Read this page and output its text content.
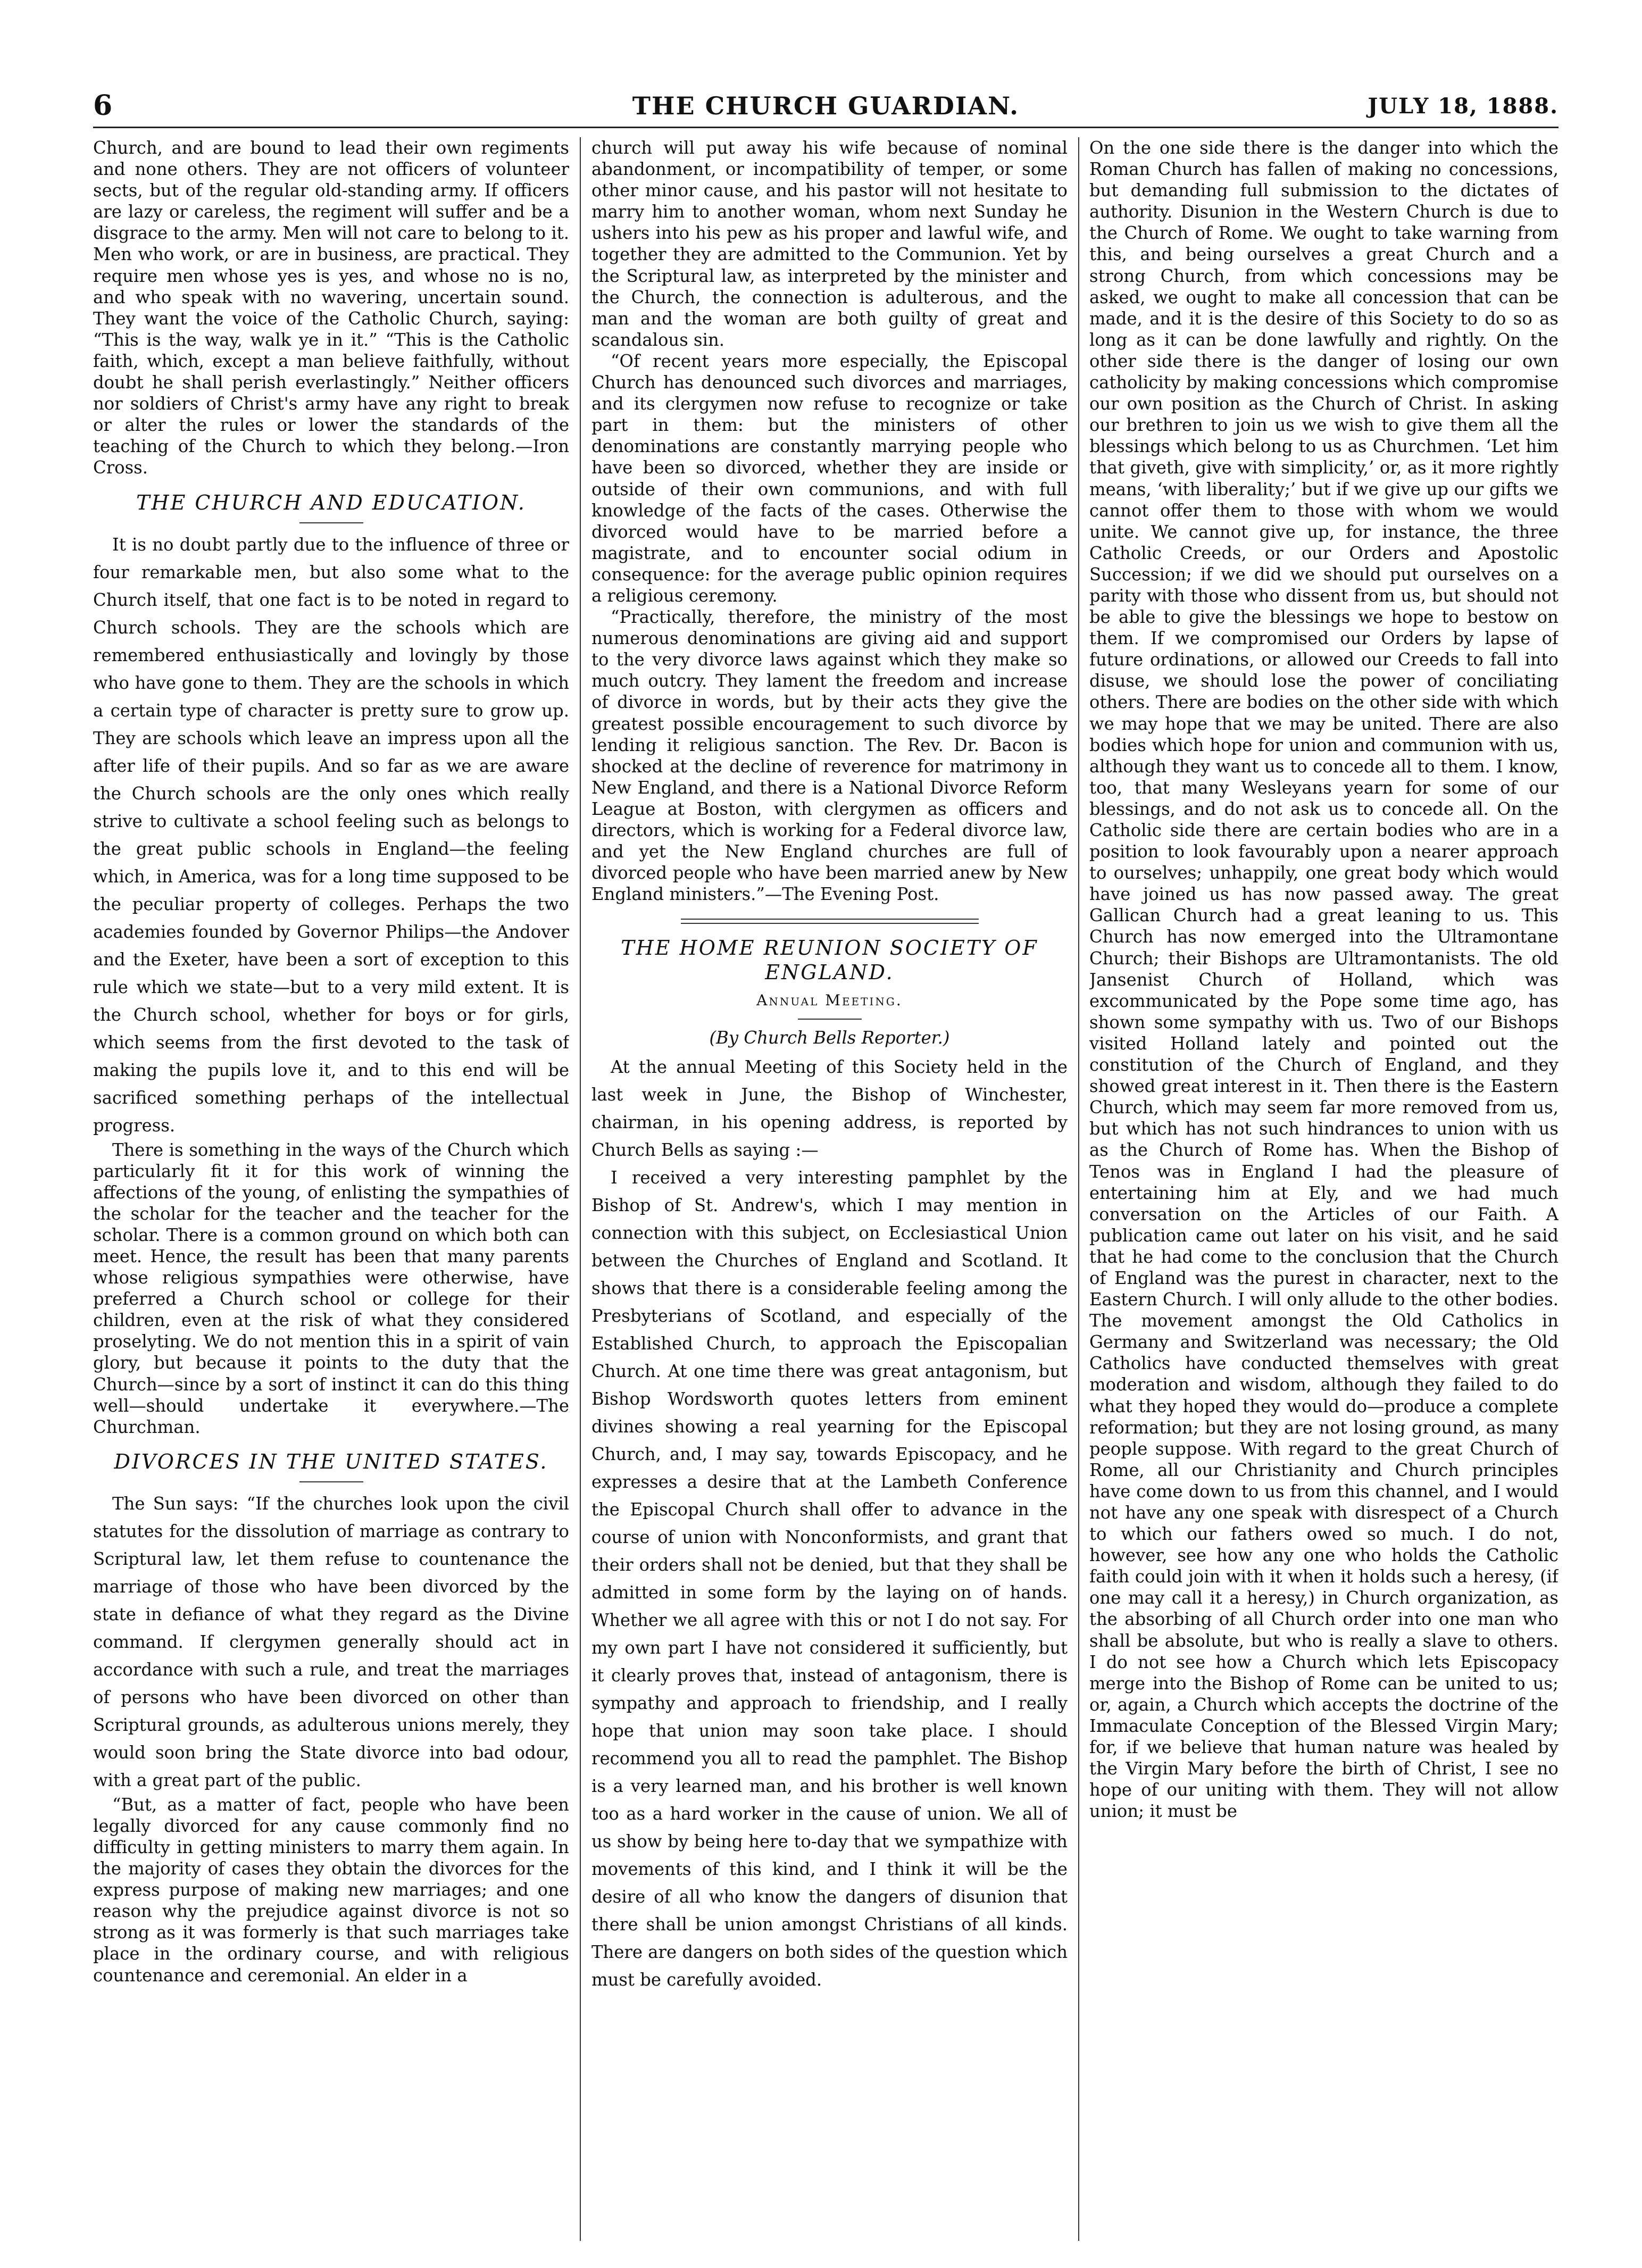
6	THE CHURCH GUARDIAN.	JULY 18, 1888.

Church, and are bound to lead their own regiments and none others. They are not officers of volunteer sects, but of the regular old-standing army. If officers are lazy or careless, the regiment will suffer and be a disgrace to the army. Men will not care to belong to it. Men who work, or are in business, are practical. They require men whose yes is yes, and whose no is no, and who speak with no wavering, uncertain sound. They want the voice of the Catholic Church, saying: “This is the way, walk ye in it.” “This is the Catholic faith, which, except a man believe faithfully, without doubt he shall perish everlastingly.” Neither officers nor soldiers of Christ's army have any right to break or alter the rules or lower the standards of the teaching of the Church to which they belong.—Iron Cross.

THE CHURCH AND EDUCATION.

It is no doubt partly due to the influence of three or four remarkable men, but also some what to the Church itself, that one fact is to be noted in regard to Church schools. They are the schools which are remembered enthusiastically and lovingly by those who have gone to them. They are the schools in which a certain type of character is pretty sure to grow up. They are schools which leave an impress upon all the after life of their pupils. And so far as we are aware the Church schools are the only ones which really strive to cultivate a school feeling such as belongs to the great public schools in England—the feeling which, in America, was for a long time supposed to be the peculiar property of colleges. Perhaps the two academies founded by Governor Philips—the Andover and the Exeter, have been a sort of exception to this rule which we state—but to a very mild extent. It is the Church school, whether for boys or for girls, which seems from the first devoted to the task of making the pupils love it, and to this end will be sacrificed something perhaps of the intellectual progress.

There is something in the ways of the Church which particularly fit it for this work of winning the affections of the young, of enlisting the sympathies of the scholar for the teacher and the teacher for the scholar. There is a common ground on which both can meet. Hence, the result has been that many parents whose religious sympathies were otherwise, have preferred a Church school or college for their children, even at the risk of what they considered proselyting. We do not mention this in a spirit of vain glory, but because it points to the duty that the Church—since by a sort of instinct it can do this thing well—should undertake it everywhere.—The Churchman.

DIVORCES IN THE UNITED STATES.

The Sun says: “If the churches look upon the civil statutes for the dissolution of marriage as contrary to Scriptural law, let them refuse to countenance the marriage of those who have been divorced by the state in defiance of what they regard as the Divine command. If clergymen generally should act in accordance with such a rule, and treat the marriages of persons who have been divorced on other than Scriptural grounds, as adulterous unions merely, they would soon bring the State divorce into bad odour, with a great part of the public.

“But, as a matter of fact, people who have been legally divorced for any cause commonly find no difficulty in getting ministers to marry them again. In the majority of cases they obtain the divorces for the express purpose of making new marriages; and one reason why the prejudice against divorce is not so strong as it was formerly is that such marriages take place in the ordinary course, and with religious countenance and ceremonial. An elder in a

church will put away his wife because of nominal abandonment, or incompatibility of temper, or some other minor cause, and his pastor will not hesitate to marry him to another woman, whom next Sunday he ushers into his pew as his proper and lawful wife, and together they are admitted to the Communion. Yet by the Scriptural law, as interpreted by the minister and the Church, the connection is adulterous, and the man and the woman are both guilty of great and scandalous sin.

“Of recent years more especially, the Episcopal Church has denounced such divorces and marriages, and its clergymen now refuse to recognize or take part in them: but the ministers of other denominations are constantly marrying people who have been so divorced, whether they are inside or outside of their own communions, and with full knowledge of the facts of the cases. Otherwise the divorced would have to be married before a magistrate, and to encounter social odium in consequence: for the average public opinion requires a religious ceremony.

“Practically, therefore, the ministry of the most numerous denominations are giving aid and support to the very divorce laws against which they make so much outcry. They lament the freedom and increase of divorce in words, but by their acts they give the greatest possible encouragement to such divorce by lending it religious sanction. The Rev. Dr. Bacon is shocked at the decline of reverence for matrimony in New England, and there is a National Divorce Reform League at Boston, with clergymen as officers and directors, which is working for a Federal divorce law, and yet the New England churches are full of divorced people who have been married anew by New England ministers.”—The Evening Post.

THE HOME REUNION SOCIETY OF ENGLAND.
Annual Meeting.
(By Church Bells Reporter.)

At the annual Meeting of this Society held in the last week in June, the Bishop of Winchester, chairman, in his opening address, is reported by Church Bells as saying :—

I received a very interesting pamphlet by the Bishop of St. Andrew's, which I may mention in connection with this subject, on Ecclesiastical Union between the Churches of England and Scotland. It shows that there is a considerable feeling among the Presbyterians of Scotland, and especially of the Established Church, to approach the Episcopalian Church. At one time there was great antagonism, but Bishop Wordsworth quotes letters from eminent divines showing a real yearning for the Episcopal Church, and, I may say, towards Episcopacy, and he expresses a desire that at the Lambeth Conference the Episcopal Church shall offer to advance in the course of union with Nonconformists, and grant that their orders shall not be denied, but that they shall be admitted in some form by the laying on of hands. Whether we all agree with this or not I do not say. For my own part I have not considered it sufficiently, but it clearly proves that, instead of antagonism, there is sympathy and approach to friendship, and I really hope that union may soon take place. I should recommend you all to read the pamphlet. The Bishop is a very learned man, and his brother is well known too as a hard worker in the cause of union. We all of us show by being here to-day that we sympathize with movements of this kind, and I think it will be the desire of all who know the dangers of disunion that there shall be union amongst Christians of all kinds. There are dangers on both sides of the question which must be carefully avoided.

On the one side there is the danger into which the Roman Church has fallen of making no concessions, but demanding full submission to the dictates of authority. Disunion in the Western Church is due to the Church of Rome. We ought to take warning from this, and being ourselves a great Church and a strong Church, from which concessions may be asked, we ought to make all concession that can be made, and it is the desire of this Society to do so as long as it can be done lawfully and rightly. On the other side there is the danger of losing our own catholicity by making concessions which compromise our own position as the Church of Christ. In asking our brethren to join us we wish to give them all the blessings which belong to us as Churchmen. ‘Let him that giveth, give with simplicity,’ or, as it more rightly means, ‘with liberality;’ but if we give up our gifts we cannot offer them to those with whom we would unite. We cannot give up, for instance, the three Catholic Creeds, or our Orders and Apostolic Succession; if we did we should put ourselves on a parity with those who dissent from us, but should not be able to give the blessings we hope to bestow on them. If we compromised our Orders by lapse of future ordinations, or allowed our Creeds to fall into disuse, we should lose the power of conciliating others. There are bodies on the other side with which we may hope that we may be united. There are also bodies which hope for union and communion with us, although they want us to concede all to them. I know, too, that many Wesleyans yearn for some of our blessings, and do not ask us to concede all. On the Catholic side there are certain bodies who are in a position to look favourably upon a nearer approach to ourselves; unhappily, one great body which would have joined us has now passed away. The great Gallican Church had a great leaning to us. This Church has now emerged into the Ultramontane Church; their Bishops are Ultramontanists. The old Jansenist Church of Holland, which was excommunicated by the Pope some time ago, has shown some sympathy with us. Two of our Bishops visited Holland lately and pointed out the constitution of the Church of England, and they showed great interest in it. Then there is the Eastern Church, which may seem far more removed from us, but which has not such hindrances to union with us as the Church of Rome has. When the Bishop of Tenos was in England I had the pleasure of entertaining him at Ely, and we had much conversation on the Articles of our Faith. A publication came out later on his visit, and he said that he had come to the conclusion that the Church of England was the purest in character, next to the Eastern Church. I will only allude to the other bodies. The movement amongst the Old Catholics in Germany and Switzerland was necessary; the Old Catholics have conducted themselves with great moderation and wisdom, although they failed to do what they hoped they would do—produce a complete reformation; but they are not losing ground, as many people suppose. With regard to the great Church of Rome, all our Christianity and Church principles have come down to us from this channel, and I would not have any one speak with disrespect of a Church to which our fathers owed so much. I do not, however, see how any one who holds the Catholic faith could join with it when it holds such a heresy, (if one may call it a heresy,) in Church organization, as the absorbing of all Church order into one man who shall be absolute, but who is really a slave to others. I do not see how a Church which lets Episcopacy merge into the Bishop of Rome can be united to us; or, again, a Church which accepts the doctrine of the Immaculate Conception of the Blessed Virgin Mary; for, if we believe that human nature was healed by the Virgin Mary before the birth of Christ, I see no hope of our uniting with them. They will not allow union; it must be
